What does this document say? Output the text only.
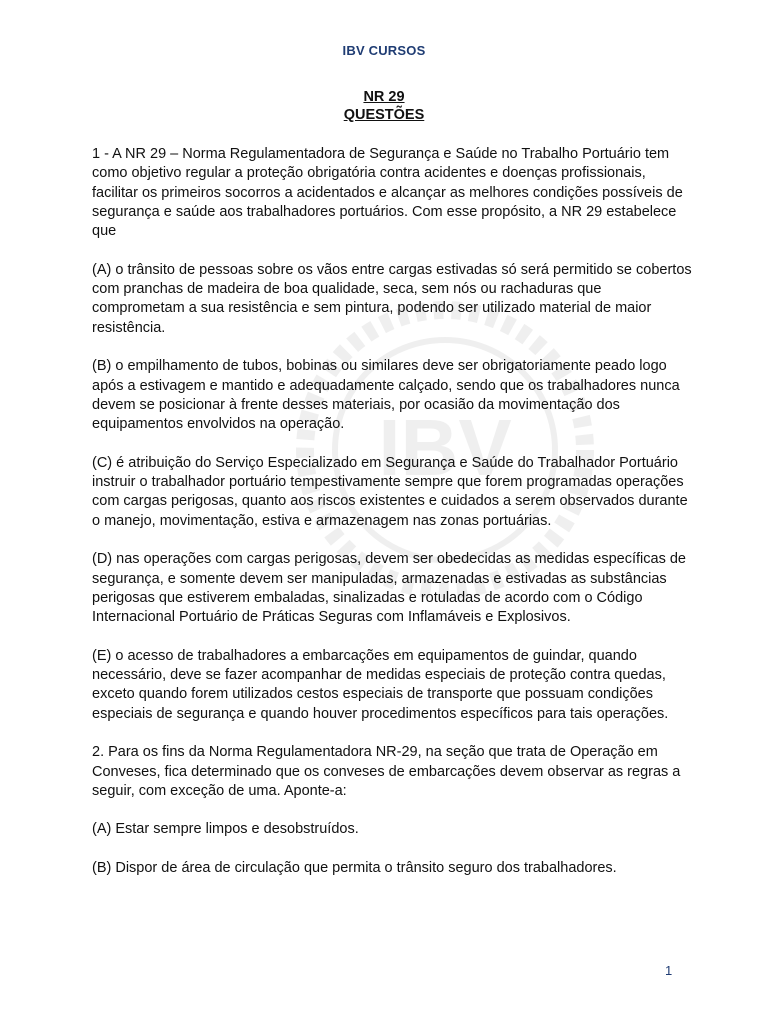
IBV
IBV CURSOS
NR 29
QUESTÕES

1 - A NR 29 – Norma Regulamentadora de Segurança e Saúde no Trabalho Portuário tem como objetivo regular a proteção obrigatória contra acidentes e doenças profissionais, facilitar os primeiros socorros a acidentados e alcançar as melhores condições possíveis de segurança e saúde aos trabalhadores portuários. Com esse propósito, a NR 29 estabelece que

(A) o trânsito de pessoas sobre os vãos entre cargas estivadas só será permitido se cobertos com pranchas de madeira de boa qualidade, seca, sem nós ou rachaduras que comprometam a sua resistência e sem pintura, podendo ser utilizado material de maior resistência.

(B) o empilhamento de tubos, bobinas ou similares deve ser obrigatoriamente peado logo após a estivagem e mantido e adequadamente calçado, sendo que os trabalhadores nunca devem se posicionar à frente desses materiais, por ocasião da movimentação dos equipamentos envolvidos na operação.

(C) é atribuição do Serviço Especializado em Segurança e Saúde do Trabalhador Portuário instruir o trabalhador portuário tempestivamente sempre que forem programadas operações com cargas perigosas, quanto aos riscos existentes e cuidados a serem observados durante o manejo, movimentação, estiva e armazenagem nas zonas portuárias.

(D) nas operações com cargas perigosas, devem ser obedecidas as medidas específicas de segurança, e somente devem ser manipuladas, armazenadas e estivadas as substâncias perigosas que estiverem embaladas, sinalizadas e rotuladas de acordo com o Código Internacional Portuário de Práticas Seguras com Inflamáveis e Explosivos.

(E) o acesso de trabalhadores a embarcações em equipamentos de guindar, quando necessário, deve se fazer acompanhar de medidas especiais de proteção contra quedas, exceto quando forem utilizados cestos especiais de transporte que possuam condições especiais de segurança e quando houver procedimentos específicos para tais operações.

2. Para os fins da Norma Regulamentadora NR-29, na seção que trata de Operação em Conveses, fica determinado que os conveses de embarcações devem observar as regras a seguir, com exceção de uma. Aponte-a:

(A) Estar sempre limpos e desobstruídos.

(B) Dispor de área de circulação que permita o trânsito seguro dos trabalhadores.

1
